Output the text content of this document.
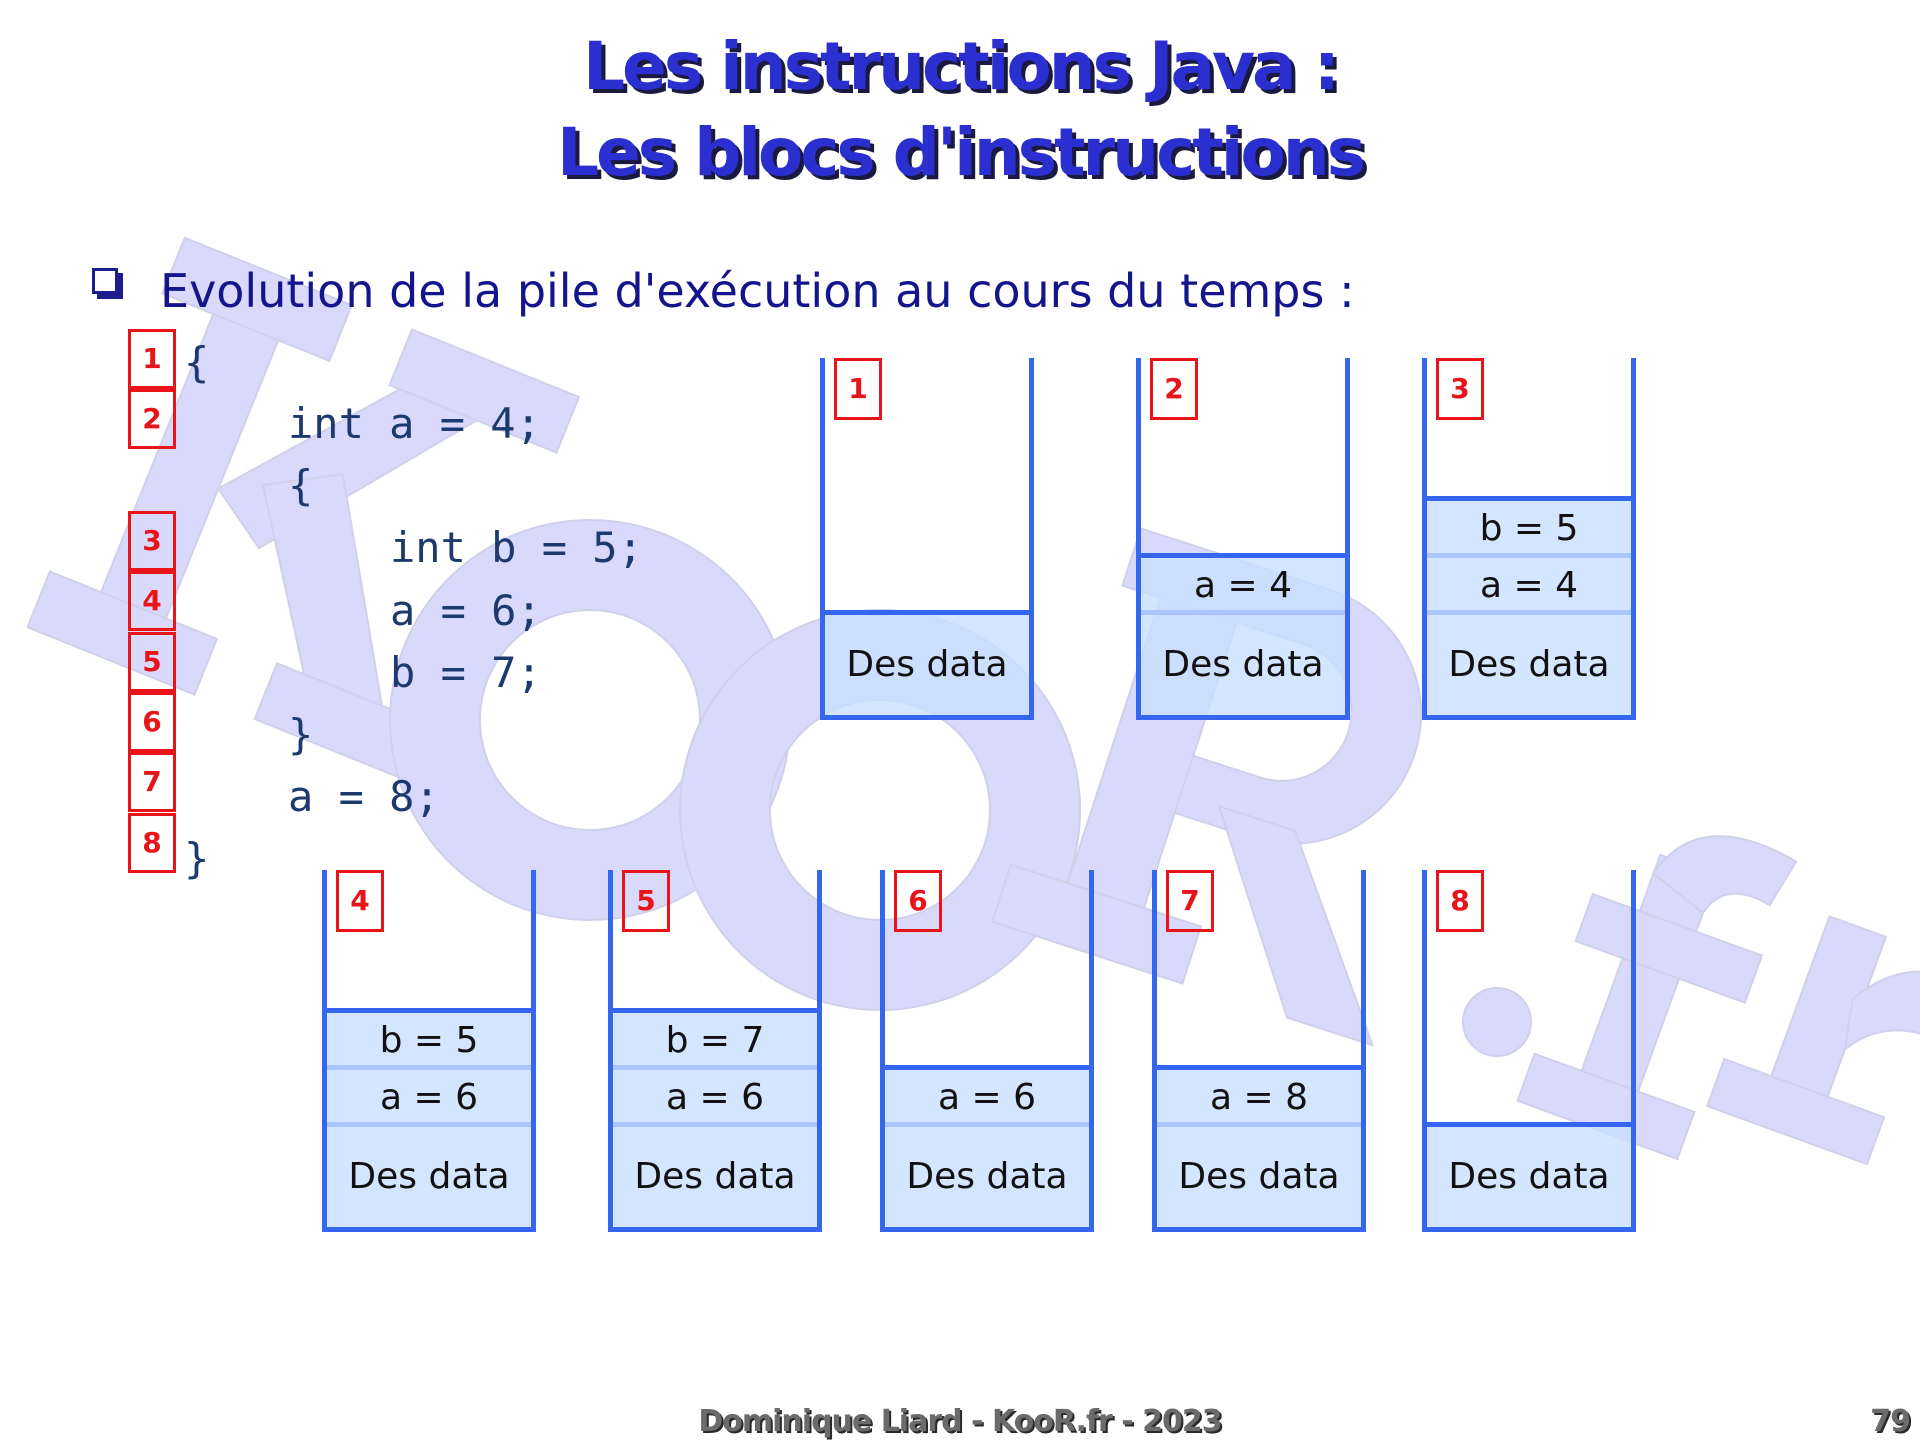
Les instructions Java :
Les blocs d'instructions
Evolution de la pile d'exécution au cours du temps :
1
2
3
4
5
6
7
8
{
int a = 4;
{
int b = 5;
a = 6;
b = 7;
}
a = 8;
}
1
Des data
2
Des data
a = 4
3
Des data
a = 4
b = 5
4
Des data
a = 6
b = 5
5
Des data
a = 6
b = 7
6
Des data
a = 6
7
Des data
a = 8
8
Des data
Dominique Liard - KooR.fr - 2023	79
